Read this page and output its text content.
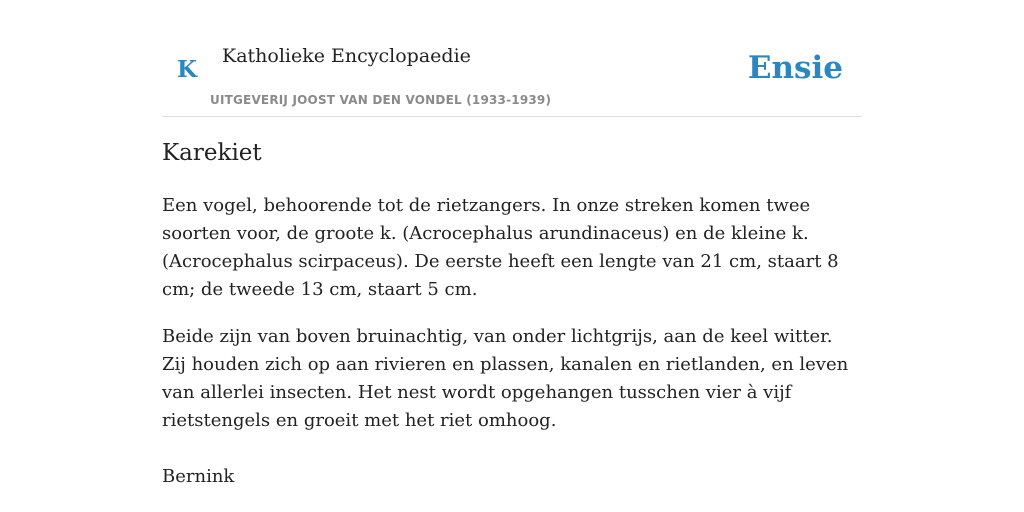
K Katholieke Encyclopaedie
UITGEVERIJ JOOST VAN DEN VONDEL (1933-1939)
Ensie
Karekiet

Een vogel, behoorende tot de rietzangers. In onze streken komen twee soorten voor, de groote k. (Acrocephalus arundinaceus) en de kleine k. (Acrocephalus scirpaceus). De eerste heeft een lengte van 21 cm, staart 8 cm; de tweede 13 cm, staart 5 cm.

Beide zijn van boven bruinachtig, van onder lichtgrijs, aan de keel witter. Zij houden zich op aan rivieren en plassen, kanalen en rietlanden, en leven van allerlei insecten. Het nest wordt opgehangen tusschen vier à vijf rietstengels en groeit met het riet omhoog.

Bernink
